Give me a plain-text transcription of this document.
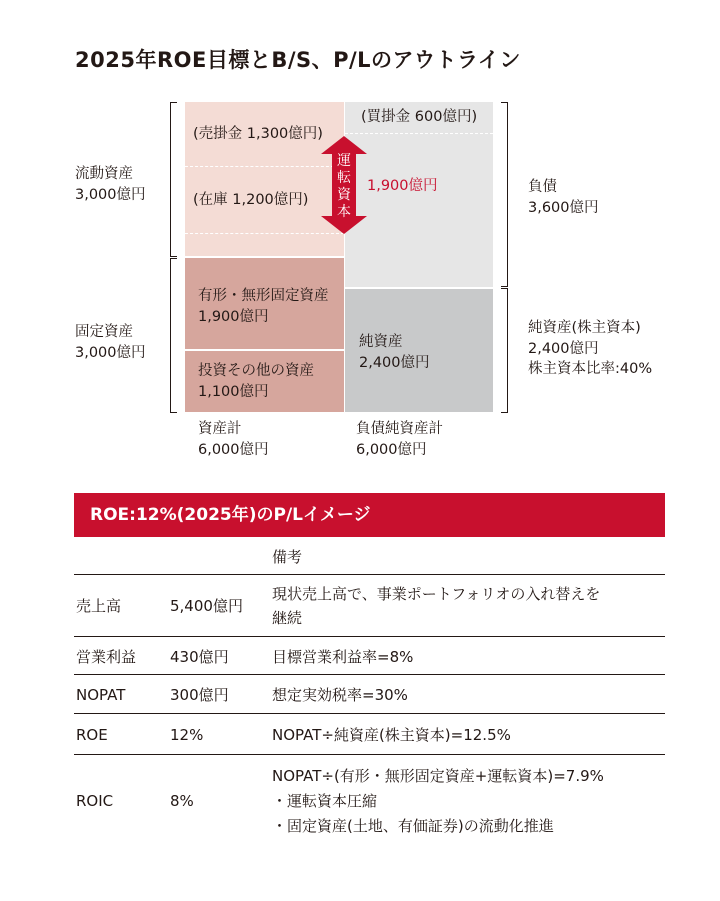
2025年ROE目標とB/S、P/Lのアウトライン
運
転
資
本
1,900億円
(売掛金 1,300億円)
(在庫 1,200億円)
(買掛金 600億円)
有形・無形固定資産
1,900億円
投資その他の資産
1,100億円
純資産
2,400億円
流動資産
3,000億円
固定資産
3,000億円
負債
3,600億円
純資産(株主資本)
2,400億円
株主資本比率:40%
資産計
6,000億円
負債純資産計
6,000億円
ROE:12%(2025年)のP/Lイメージ
備考
売上高	5,400億円
現状売上高で、事業ポートフォリオの入れ替えを
継続
営業利益 430億円	目標営業利益率=8%
NOPAT	300億円	想定実効税率=30%
ROE	12%	NOPAT÷純資産(株主資本)=12.5%
ROIC	8%
NOPAT÷(有形・無形固定資産+運転資本)=7.9%
・運転資本圧縮
・固定資産(土地、有価証券)の流動化推進
